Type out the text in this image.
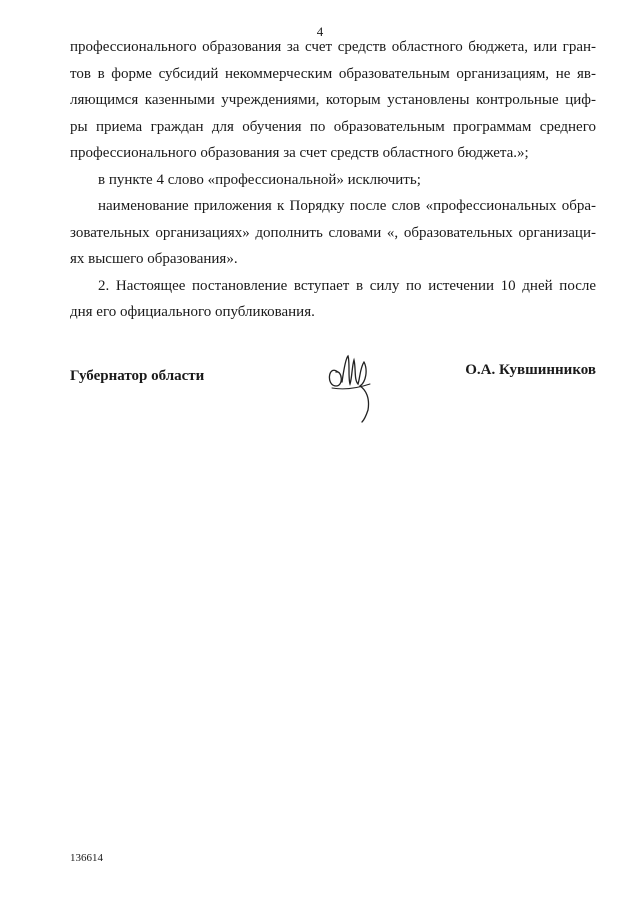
4

профессионального образования за счет средств областного бюджета, или гран-
тов в форме субсидий некоммерческим образовательным организациям, не яв-
ляющимся казенными учреждениями, которым установлены контрольные циф-
ры приема граждан для обучения по образовательным программам среднего
профессионального образования за счет средств областного бюджета.»;

в пункте 4 слово «профессиональной» исключить;

наименование приложения к Порядку после слов «профессиональных обра-
зовательных организациях» дополнить словами «, образовательных организаци-
ях высшего образования».

2. Настоящее постановление вступает в силу по истечении 10 дней после
дня его официального опубликования.

Губернатор области	О.А. Кувшинников
136614
